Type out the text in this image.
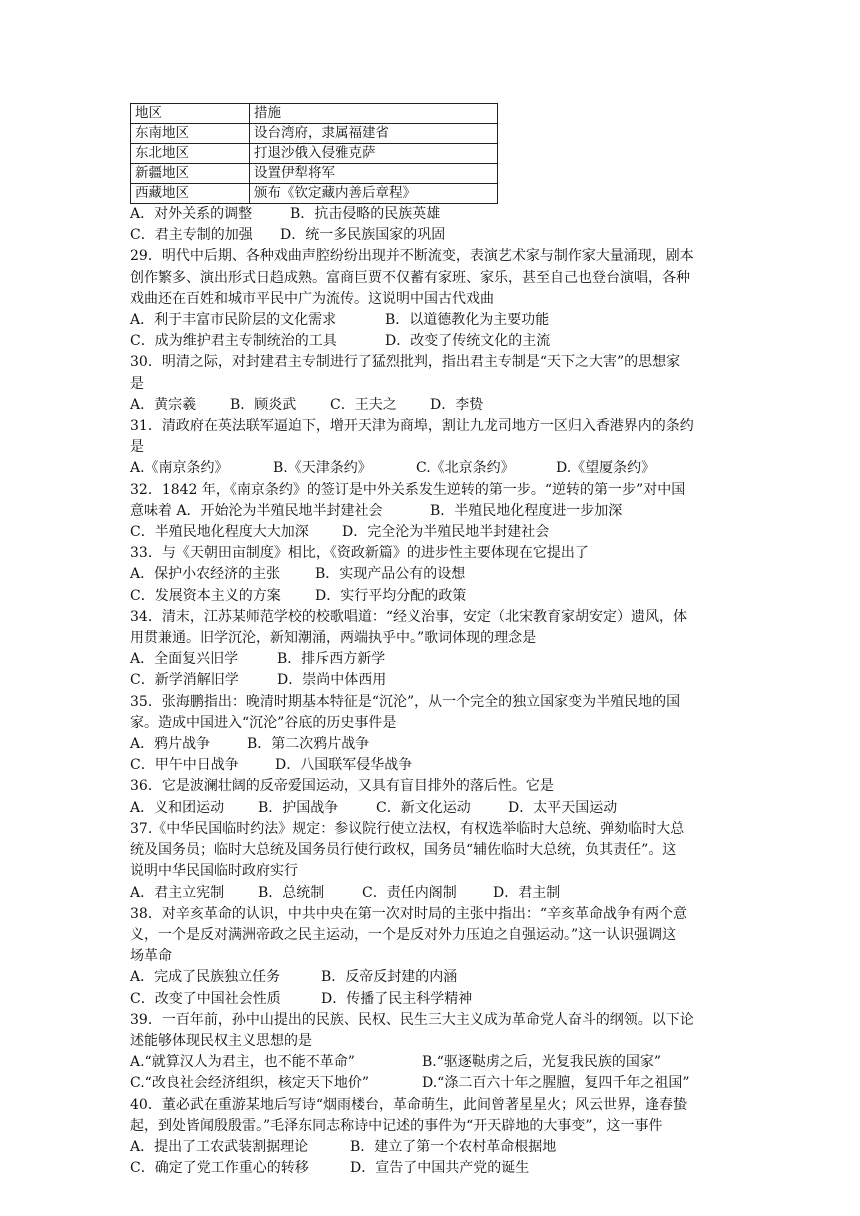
地区	措施
东南地区	设台湾府，隶属福建省
东北地区	打退沙俄入侵雅克萨
新疆地区	设置伊犁将军
西藏地区	颁布《钦定藏内善后章程》
A．对外关系的调整	B．抗击侵略的民族英雄
C．君主专制的加强 D．统一多民族国家的巩固
29．明代中后期、各种戏曲声腔纷纷出现并不断流变，表演艺术家与制作家大量涌现，剧本
创作繁多、演出形式日趋成熟。富商巨贾不仅蓄有家班、家乐，甚至自己也登台演唱，各种
戏曲还在百姓和城市平民中广为流传。这说明中国古代戏曲
A．利于丰富市民阶层的文化需求	B．以道德教化为主要功能
C．成为维护君主专制统治的工具	D．改变了传统文化的主流
30．明清之际，对封建君主专制进行了猛烈批判，指出君主专制是“天下之大害”的思想家
是
A．黄宗羲 B．顾炎武 C．王夫之 D．李贽
31．清政府在英法联军逼迫下，增开天津为商埠，割让九龙司地方一区归入香港界内的条约
是
A.《南京条约》	B.《天津条约》	C.《北京条约》	D.《望厦条约》
32．1842 年，《南京条约》的签订是中外关系发生逆转的第一步。“逆转的第一步”对中国
意味着 A．开始沦为半殖民地半封建社会	B．半殖民地化程度进一步加深
C．半殖民地化程度大大加深 D．完全沦为半殖民地半封建社会
33．与《天朝田亩制度》相比，《资政新篇》的进步性主要体现在它提出了
A．保护小农经济的主张 B．实现产品公有的设想
C．发展资本主义的方案 D．实行平均分配的政策
34．清末，江苏某师范学校的校歌唱道：“经义治事，安定（北宋教育家胡安定）遗风，体
用贯兼通。旧学沉沦，新知潮涌，两端执乎中。”歌词体现的理念是
A．全面复兴旧学	B．排斥西方新学
C．新学消解旧学	D．崇尚中体西用
35．张海鹏指出：晚清时期基本特征是“沉沦”，从一个完全的独立国家变为半殖民地的国
家。造成中国进入“沉沦”谷底的历史事件是
A．鸦片战争	B．第二次鸦片战争
C．甲午中日战争	D．八国联军侵华战争
36．它是波澜壮阔的反帝爱国运动，又具有盲目排外的落后性。它是
A．义和团运动 B．护国战争	C．新文化运动	D．太平天国运动
37.《中华民国临时约法》规定：参议院行使立法权，有权选举临时大总统、弹劾临时大总
统及国务员；临时大总统及国务员行使行政权，国务员“辅佐临时大总统，负其责任”。这
说明中华民国临时政府实行
A．君主立宪制 B．总统制	C．责任内阁制	D．君主制
38．对辛亥革命的认识，中共中央在第一次对时局的主张中指出：“辛亥革命战争有两个意
义，一个是反对满洲帝政之民主运动，一个是反对外力压迫之自强运动。”这一认识强调这
场革命
A．完成了民族独立任务	B．反帝反封建的内涵
C．改变了中国社会性质	D．传播了民主科学精神
39．一百年前，孙中山提出的民族、民权、民生三大主义成为革命党人奋斗的纲领。以下论
述能够体现民权主义思想的是
A.“就算汉人为君主，也不能不革命”	B.“驱逐鞑虏之后，光复我民族的国家”
C.“改良社会经济组织，核定天下地价”	D.“涤二百六十年之腥膻，复四千年之祖国”
40．董必武在重游某地后写诗“烟雨楼台，革命萌生，此间曾著星星火；风云世界，逢春蛰
起，到处皆闻殷殷雷。”毛泽东同志称诗中记述的事件为“开天辟地的大事变”，这一事件
A．提出了工农武装割据理论	B．建立了第一个农村革命根据地
C．确定了党工作重心的转移	D．宣告了中国共产党的诞生
